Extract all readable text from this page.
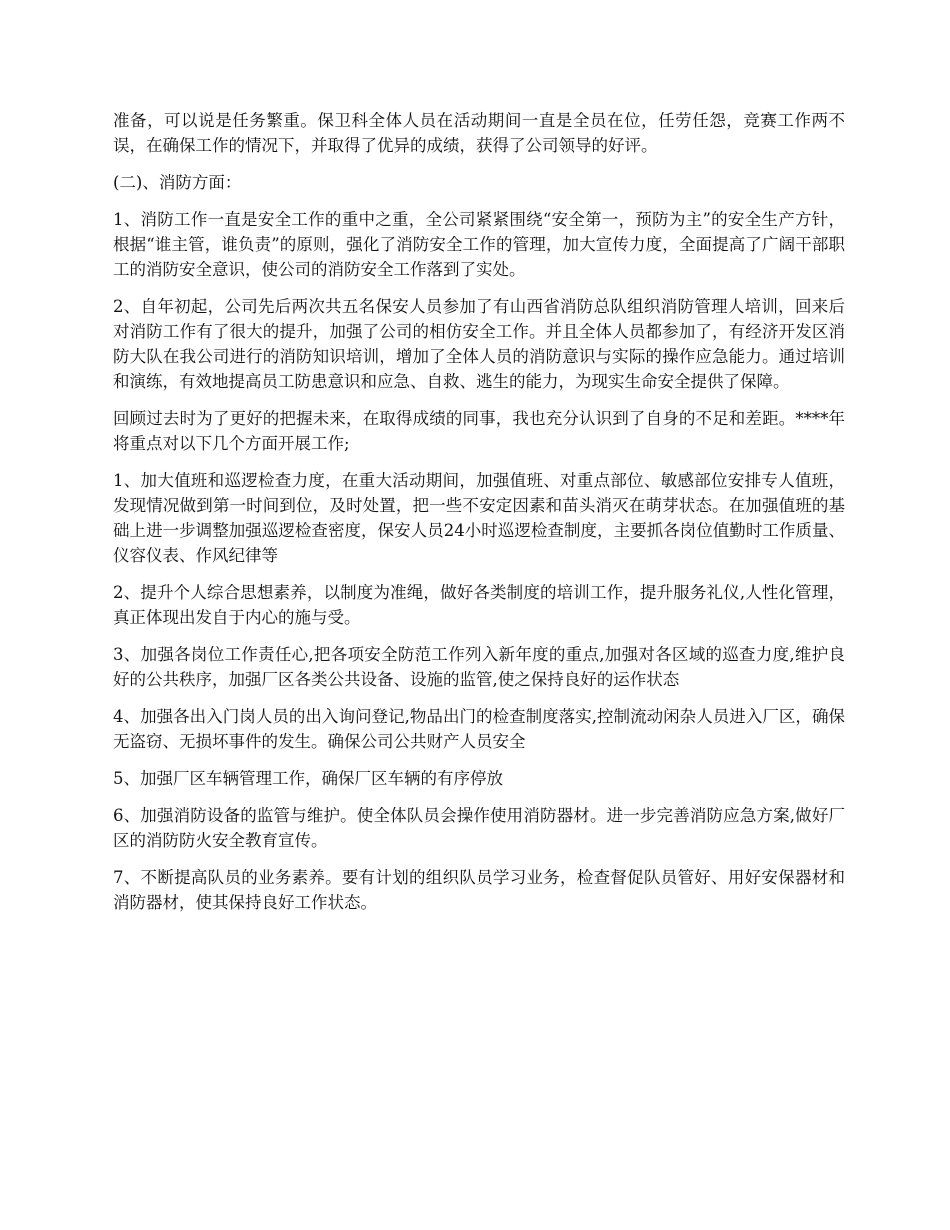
准备，可以说是任务繁重。保卫科全体人员在活动期间一直是全员在位，任劳任怨，竞赛工作两不误，在确保工作的情况下，并取得了优异的成绩，获得了公司领导的好评。

(二)、消防方面：

1、消防工作一直是安全工作的重中之重，全公司紧紧围绕“安全第一，预防为主”的安全生产方针，根据“谁主管，谁负责”的原则，强化了消防安全工作的管理，加大宣传力度，全面提高了广阔干部职工的消防安全意识，使公司的消防安全工作落到了实处。

2、自年初起，公司先后两次共五名保安人员参加了有山西省消防总队组织消防管理人培训，回来后对消防工作有了很大的提升，加强了公司的相仿安全工作。并且全体人员都参加了，有经济开发区消防大队在我公司进行的消防知识培训，增加了全体人员的消防意识与实际的操作应急能力。通过培训和演练，有效地提高员工防患意识和应急、自救、逃生的能力，为现实生命安全提供了保障。

回顾过去时为了更好的把握未来，在取得成绩的同事，我也充分认识到了自身的不足和差距。****年将重点对以下几个方面开展工作;

1、加大值班和巡逻检查力度，在重大活动期间，加强值班、对重点部位、敏感部位安排专人值班，发现情况做到第一时间到位，及时处置，把一些不安定因素和苗头消灭在萌芽状态。在加强值班的基础上进一步调整加强巡逻检查密度，保安人员24小时巡逻检查制度，主要抓各岗位值勤时工作质量、仪容仪表、作风纪律等

2、提升个人综合思想素养，以制度为准绳，做好各类制度的培训工作，提升服务礼仪,人性化管理，真正体现出发自于内心的施与受。

3、加强各岗位工作责任心,把各项安全防范工作列入新年度的重点,加强对各区域的巡查力度,维护良好的公共秩序，加强厂区各类公共设备、设施的监管,使之保持良好的运作状态

4、加强各出入门岗人员的出入询问登记,物品出门的检查制度落实,控制流动闲杂人员进入厂区，确保无盗窃、无损坏事件的发生。确保公司公共财产人员安全

5、加强厂区车辆管理工作，确保厂区车辆的有序停放

6、加强消防设备的监管与维护。使全体队员会操作使用消防器材。进一步完善消防应急方案,做好厂区的消防防火安全教育宣传。

7、不断提高队员的业务素养。要有计划的组织队员学习业务，检查督促队员管好、用好安保器材和消防器材，使其保持良好工作状态。
